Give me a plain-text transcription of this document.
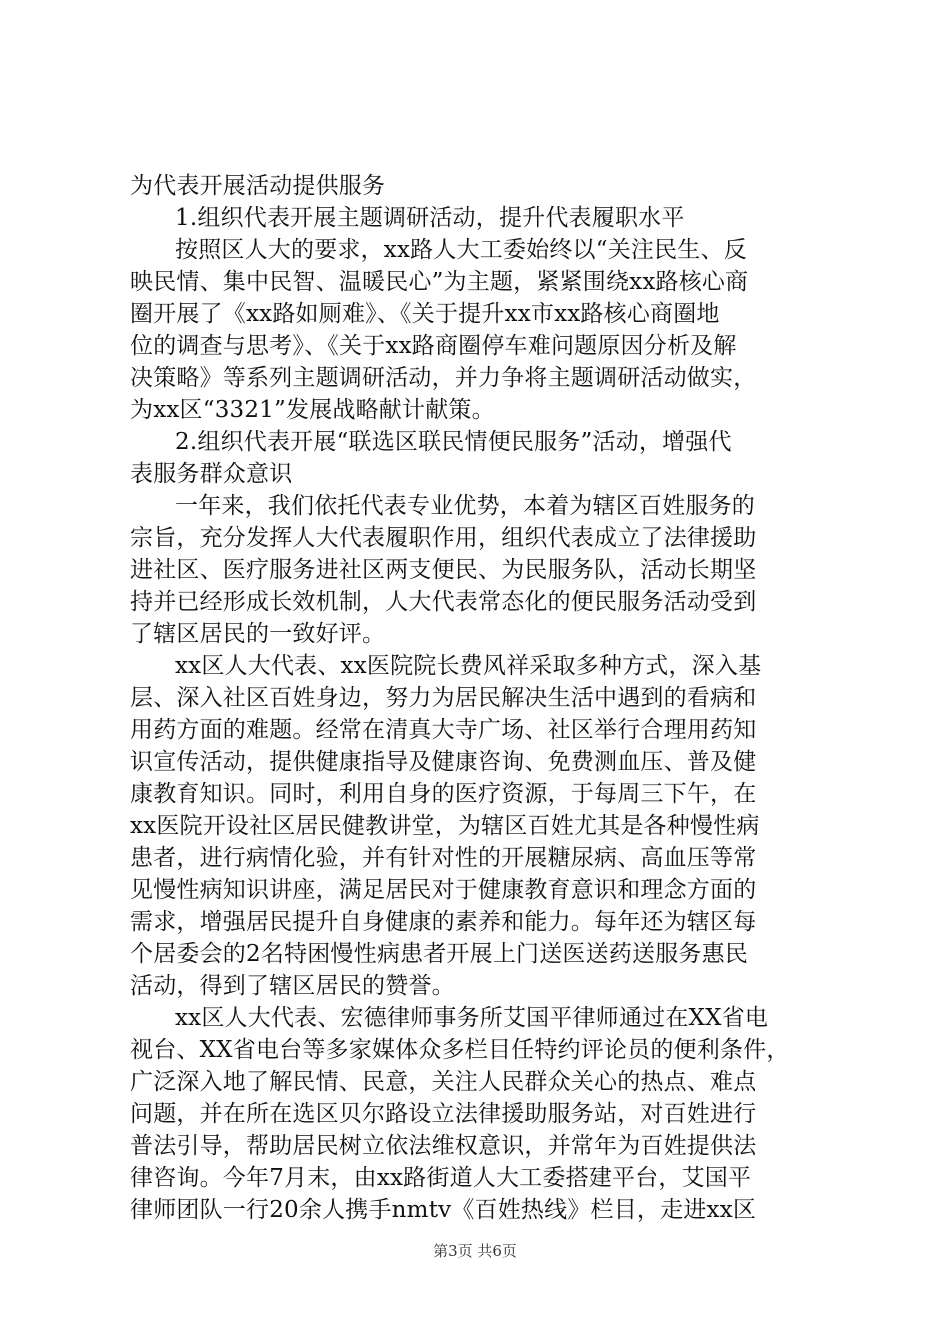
为代表开展活动提供服务
1.组织代表开展主题调研活动，提升代表履职水平
按照区人大的要求，xx路人大工委始终以“关注民生、反
映民情、集中民智、温暖民心”为主题，紧紧围绕xx路核心商
圈开展了《xx路如厕难》、《关于提升xx市xx路核心商圈地
位的调查与思考》、《关于xx路商圈停车难问题原因分析及解
决策略》等系列主题调研活动，并力争将主题调研活动做实，
为xx区“3321”发展战略献计献策。
2.组织代表开展“联选区联民情便民服务”活动，增强代
表服务群众意识
一年来，我们依托代表专业优势，本着为辖区百姓服务的
宗旨，充分发挥人大代表履职作用，组织代表成立了法律援助
进社区、医疗服务进社区两支便民、为民服务队，活动长期坚
持并已经形成长效机制，人大代表常态化的便民服务活动受到
了辖区居民的一致好评。
xx区人大代表、xx医院院长费风祥采取多种方式，深入基
层、深入社区百姓身边，努力为居民解决生活中遇到的看病和
用药方面的难题。经常在清真大寺广场、社区举行合理用药知
识宣传活动，提供健康指导及健康咨询、免费测血压、普及健
康教育知识。同时，利用自身的医疗资源，于每周三下午，在
xx医院开设社区居民健教讲堂，为辖区百姓尤其是各种慢性病
患者，进行病情化验，并有针对性的开展糖尿病、高血压等常
见慢性病知识讲座，满足居民对于健康教育意识和理念方面的
需求，增强居民提升自身健康的素养和能力。每年还为辖区每
个居委会的2名特困慢性病患者开展上门送医送药送服务惠民
活动，得到了辖区居民的赞誉。
xx区人大代表、宏德律师事务所艾国平律师通过在XX省电
视台、XX省电台等多家媒体众多栏目任特约评论员的便利条件，
广泛深入地了解民情、民意，关注人民群众关心的热点、难点
问题，并在所在选区贝尔路设立法律援助服务站，对百姓进行
普法引导，帮助居民树立依法维权意识，并常年为百姓提供法
律咨询。今年7月末，由xx路街道人大工委搭建平台，艾国平
律师团队一行20余人携手nmtv《百姓热线》栏目，走进xx区
第3页 共6页
